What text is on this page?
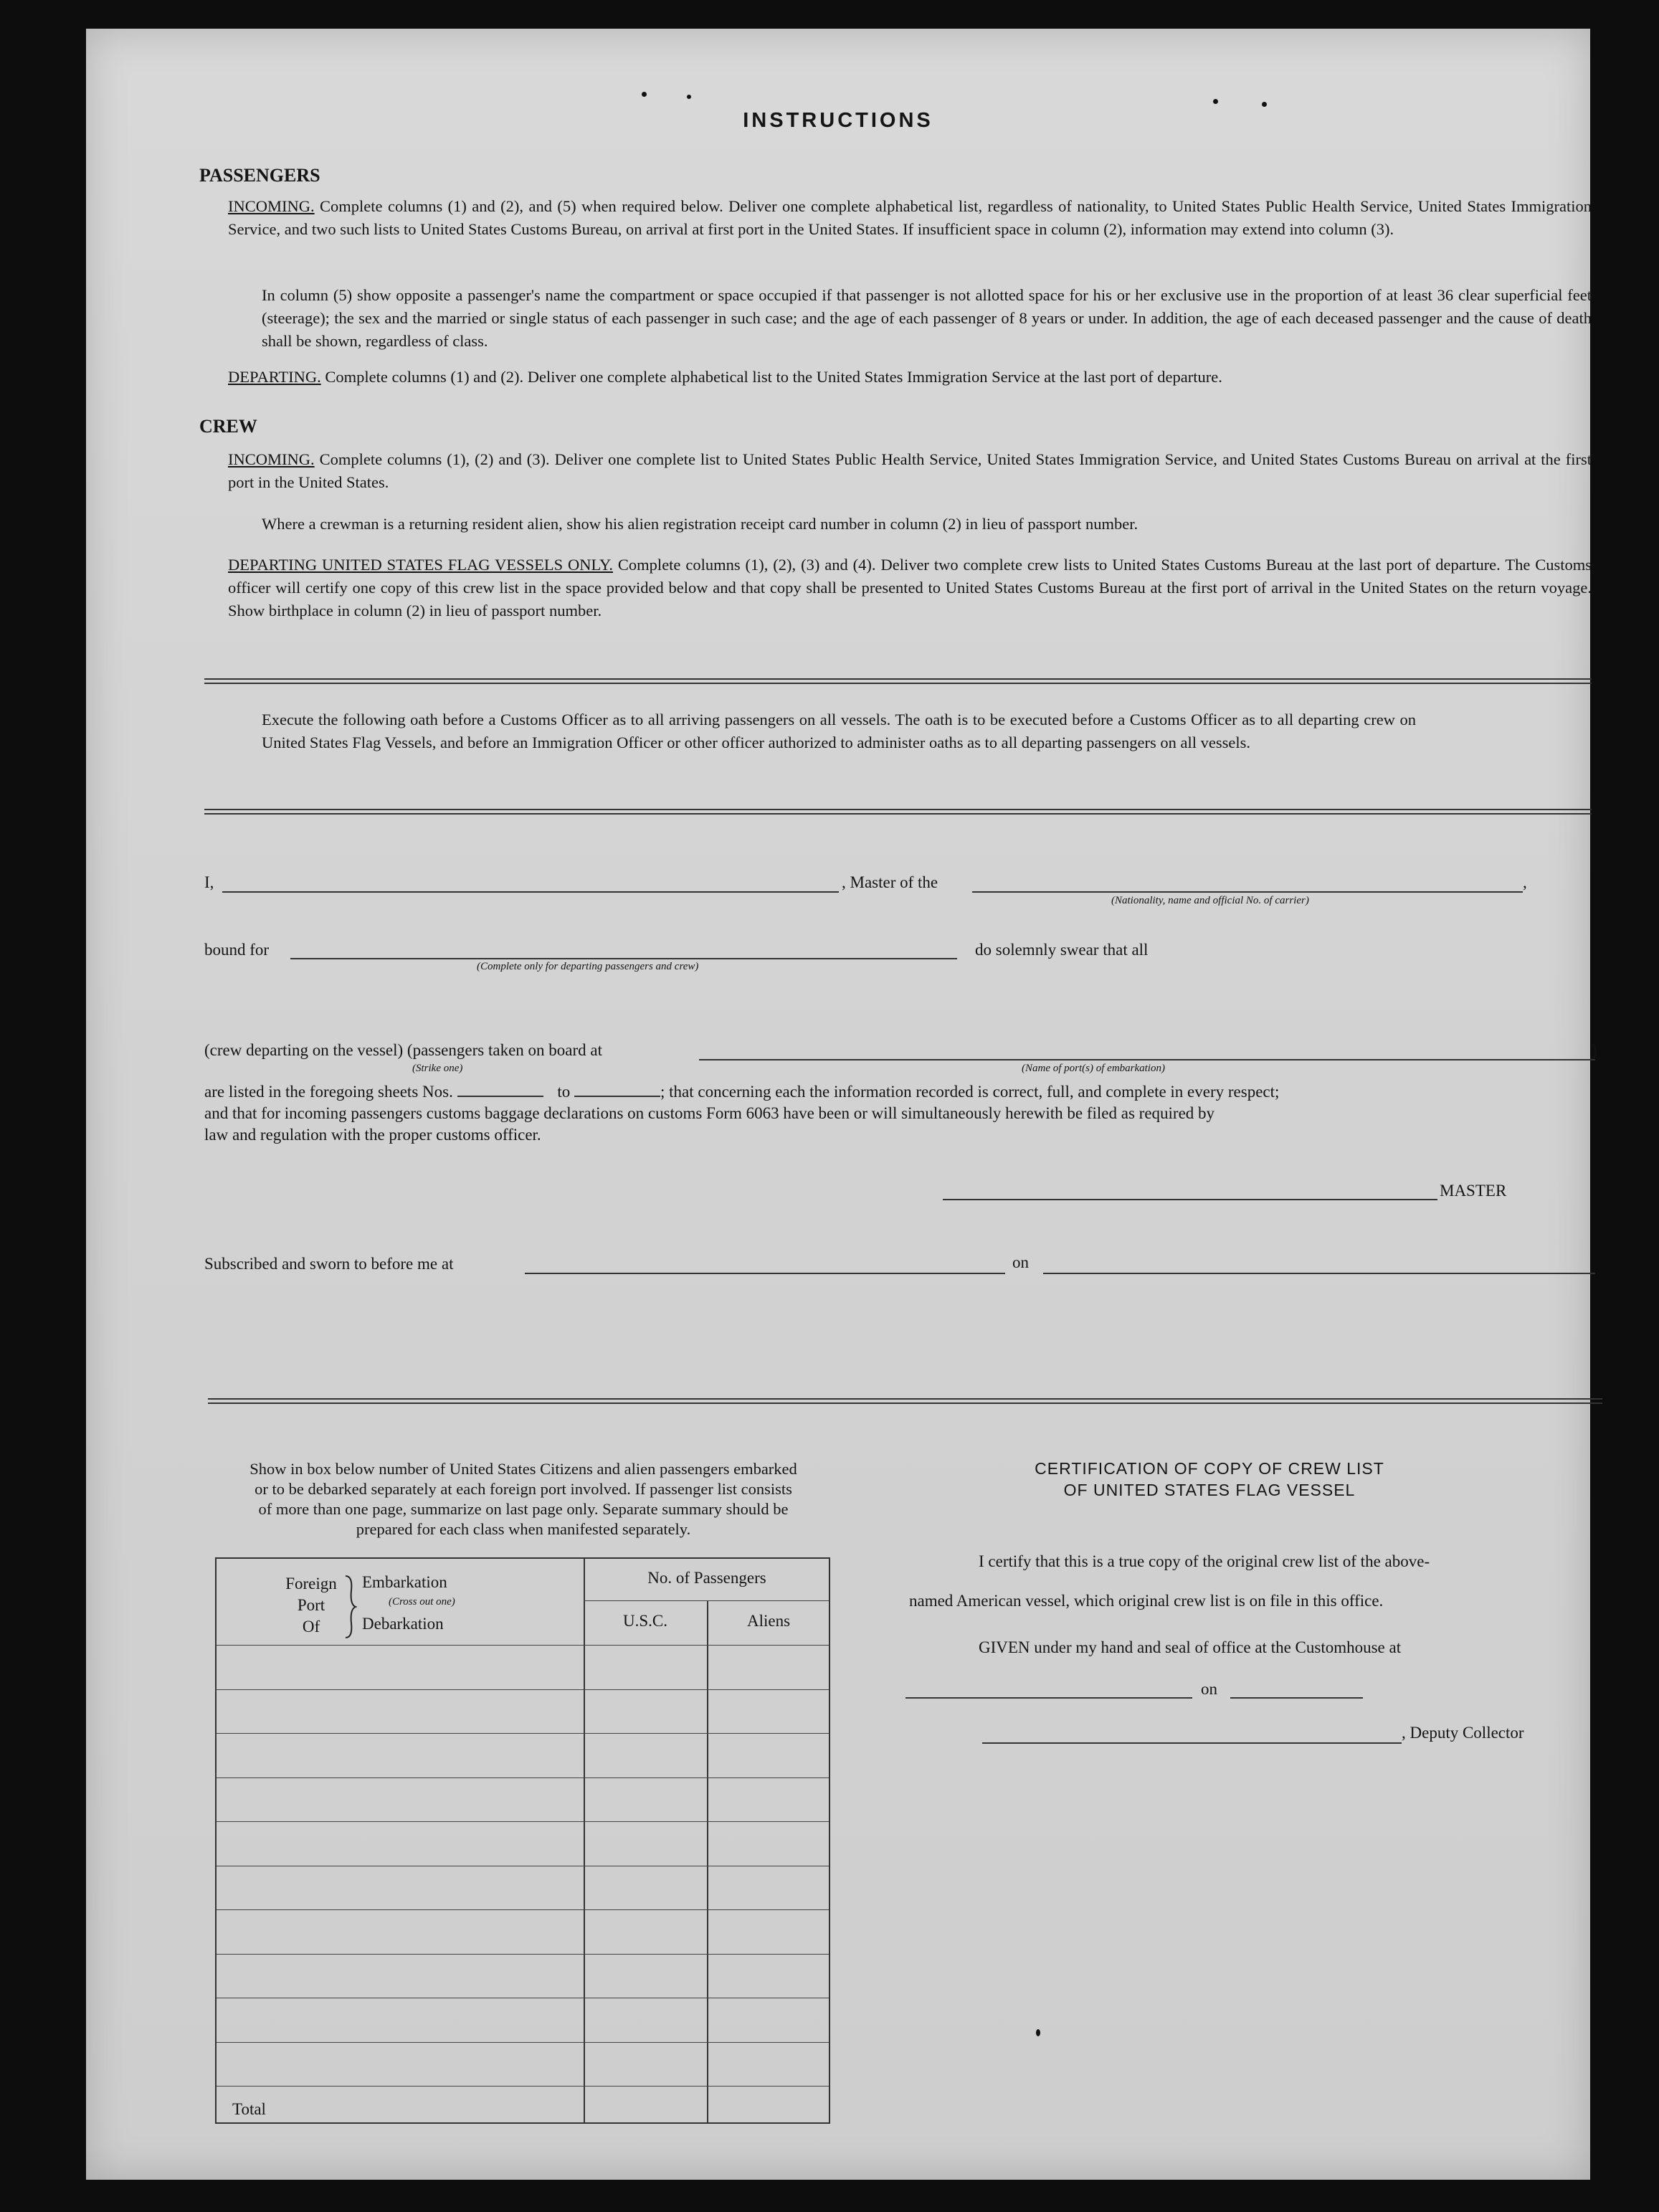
INSTRUCTIONS
PASSENGERS
INCOMING. Complete columns (1) and (2), and (5) when required below. Deliver one complete alphabetical list, regardless of nationality, to United States Public Health Service, United States Immigration Service, and two such lists to United States Customs Bureau, on arrival at first port in the United States. If insufficient space in column (2), information may extend into column (3).
In column (5) show opposite a passenger's name the compartment or space occupied if that passenger is not allotted space for his or her exclusive use in the proportion of at least 36 clear superficial feet (steerage); the sex and the married or single status of each passenger in such case; and the age of each passenger of 8 years or under. In addition, the age of each deceased passenger and the cause of death shall be shown, regardless of class.
DEPARTING. Complete columns (1) and (2). Deliver one complete alphabetical list to the United States Immigration Service at the last port of departure.
CREW
INCOMING. Complete columns (1), (2) and (3). Deliver one complete list to United States Public Health Service, United States Immigration Service, and United States Customs Bureau on arrival at the first port in the United States.
Where a crewman is a returning resident alien, show his alien registration receipt card number in column (2) in lieu of passport number.
DEPARTING UNITED STATES FLAG VESSELS ONLY. Complete columns (1), (2), (3) and (4). Deliver two complete crew lists to United States Customs Bureau at the last port of departure. The Customs officer will certify one copy of this crew list in the space provided below and that copy shall be presented to United States Customs Bureau at the first port of arrival in the United States on the return voyage. Show birthplace in column (2) in lieu of passport number.
Execute the following oath before a Customs Officer as to all arriving passengers on all vessels. The oath is to be executed before a Customs Officer as to all departing crew on United States Flag Vessels, and before an Immigration Officer or other officer authorized to administer oaths as to all departing passengers on all vessels.
I,	, Master of the	,
(Nationality, name and official No. of carrier)
bound for
(Complete only for departing passengers and crew)
do solemnly swear that all
(crew departing on the vessel) (passengers taken on board at	)
(Strike one)	(Name of port(s) of embarkation)
are listed in the foregoing sheets Nos.	to	; that concerning each the information recorded is correct, full, and complete in every respect;
and that for incoming passengers customs baggage declarations on customs Form 6063 have been or will simultaneously herewith be filed as required by
law and regulation with the proper customs officer.
MASTER
Subscribed and sworn to before me at	on
Show in box below number of United States Citizens and alien passengers embarked or to be debarked separately at each foreign port involved. If passenger list consists of more than one page, summarize on last page only. Separate summary should be prepared for each class when manifested separately.
Foreign
Port
Of
Embarkation
(Cross out one)
Debarkation
No. of Passengers
U.S.C.	Aliens
Total
CERTIFICATION OF COPY OF CREW LIST
OF UNITED STATES FLAG VESSEL
I certify that this is a true copy of the original crew list of the above-
named American vessel, which original crew list is on file in this office.
GIVEN under my hand and seal of office at the Customhouse at
on
, Deputy Collector
